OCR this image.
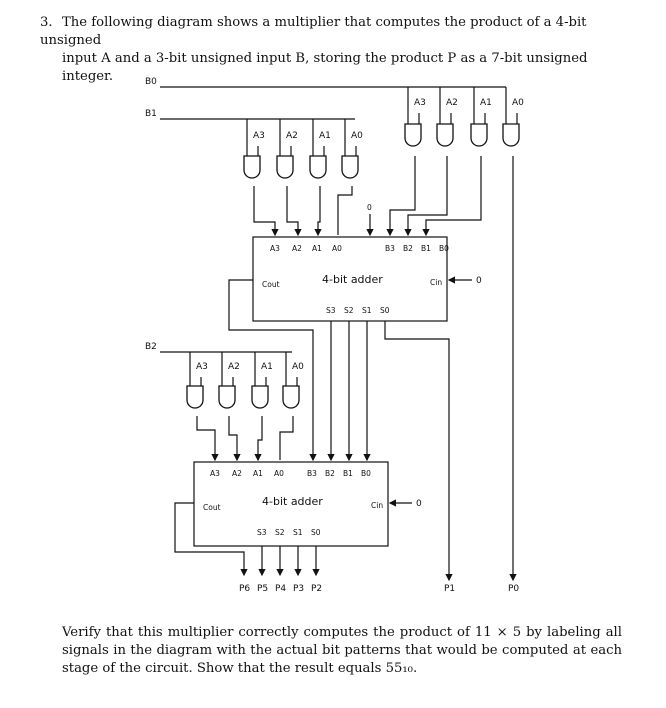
3. The following diagram shows a multiplier that computes the product of a 4-bit unsigned
input A and a 3-bit unsigned input B, storing the product P as a 7-bit unsigned integer.	B0
B1
B2
A3 A2 A1 A0
A3 A2 A1 A0
A3 A2 A1 A0
0
A3 A2 A1 A0	B3 B2 B1 B0
4-bit adder
Cout	Cin
S3 S2 S1 S0
0
A3 A2 A1 A0	B3 B2 B1 B0
4-bit adder
Cout	Cin
S3 S2 S1 S0
0
P6 P5 P4 P3 P2	P1	P0
Verify that this multiplier correctly computes the product of 11 × 5 by labeling all signals in the diagram with the actual bit patterns that would be computed at each stage of the circuit. Show that the result equals 55₁₀.
